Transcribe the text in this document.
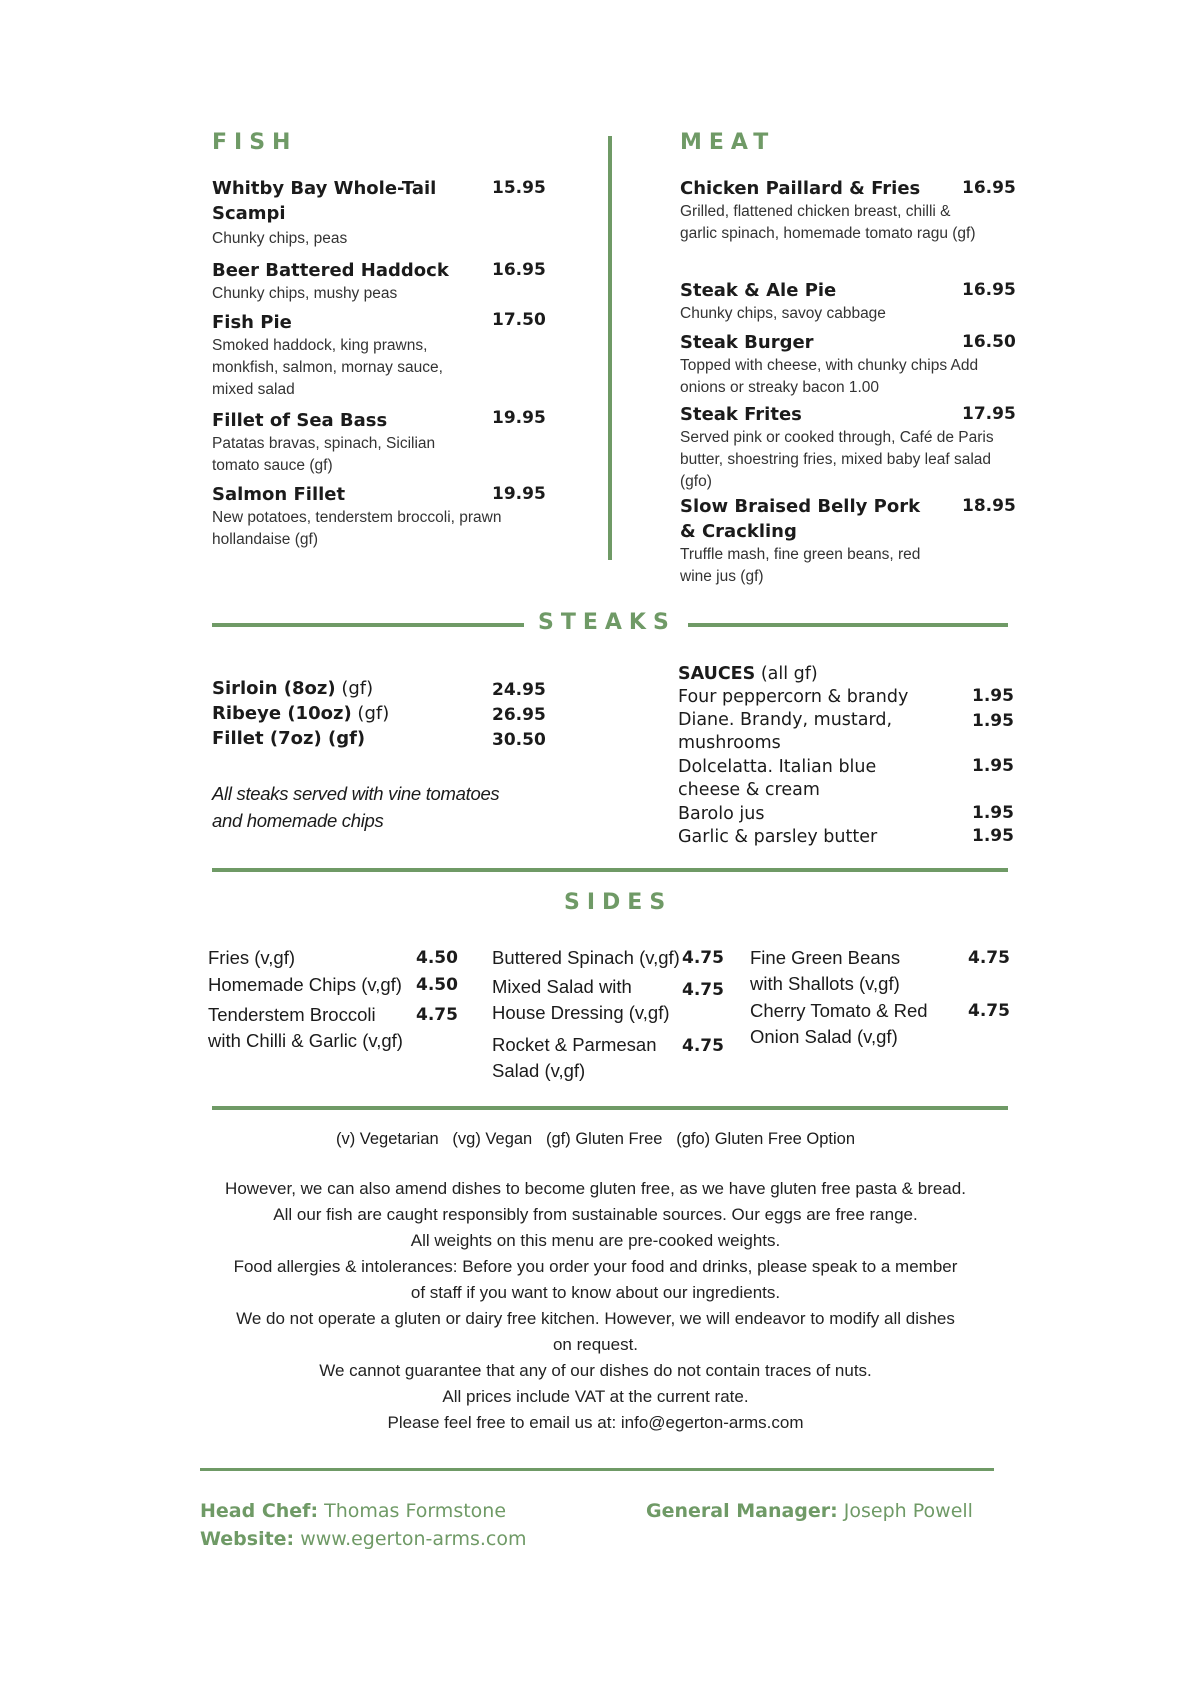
FISH
Whitby Bay Whole-Tail Scampi
Chunky chips, peas
15.95
Beer Battered Haddock
Chunky chips, mushy peas
16.95
Fish Pie
Smoked haddock, king prawns, monkfish, salmon, mornay sauce, mixed salad
17.50
Fillet of Sea Bass
Patatas bravas, spinach, Sicilian tomato sauce (gf)
19.95
Salmon Fillet
New potatoes, tenderstem broccoli, prawn hollandaise (gf)
19.95
MEAT
Chicken Paillard & Fries
Grilled, flattened chicken breast, chilli & garlic spinach, homemade tomato ragu (gf)
16.95
Steak & Ale Pie
Chunky chips, savoy cabbage
16.95
Steak Burger
Topped with cheese, with chunky chips Add onions or streaky bacon 1.00
16.50
Steak Frites
Served pink or cooked through, Café de Paris butter, shoestring fries, mixed baby leaf salad (gfo)
17.95
Slow Braised Belly Pork & Crackling
Truffle mash, fine green beans, red wine jus (gf)
18.95
STEAKS
Sirloin (8oz) (gf)	24.95
Ribeye (10oz) (gf)	26.95
Fillet (7oz) (gf)	30.50
All steaks served with vine tomatoes
and homemade chips
SAUCES (all gf)
Four peppercorn & brandy	1.95
Diane. Brandy, mustard, mushrooms
1.95
Dolcelatta. Italian blue cheese & cream
1.95
Barolo jus	1.95
Garlic & parsley butter	1.95
SIDES
Fries (v,gf)	4.50
Homemade Chips (v,gf) 4.50
Tenderstem Broccoli with Chilli & Garlic (v,gf)
4.75
Buttered Spinach (v,gf) 4.75
Mixed Salad with House Dressing (v,gf)
4.75
Rocket & Parmesan Salad (v,gf)
4.75
Fine Green Beans with Shallots (v,gf)
4.75
Cherry Tomato & Red Onion Salad (v,gf)
4.75
(v) Vegetarian   (vg) Vegan   (gf) Gluten Free   (gfo) Gluten Free Option

However, we can also amend dishes to become gluten free, as we have gluten free pasta & bread.

All our fish are caught responsibly from sustainable sources. Our eggs are free range.

All weights on this menu are pre-cooked weights.

Food allergies & intolerances: Before you order your food and drinks, please speak to a member

of staff if you want to know about our ingredients.

We do not operate a gluten or dairy free kitchen. However, we will endeavor to modify all dishes

on request.

We cannot guarantee that any of our dishes do not contain traces of nuts.

All prices include VAT at the current rate.

Please feel free to email us at: info@egerton-arms.com

Head Chef: Thomas Formstone
Website: www.egerton-arms.com
General Manager: Joseph Powell
